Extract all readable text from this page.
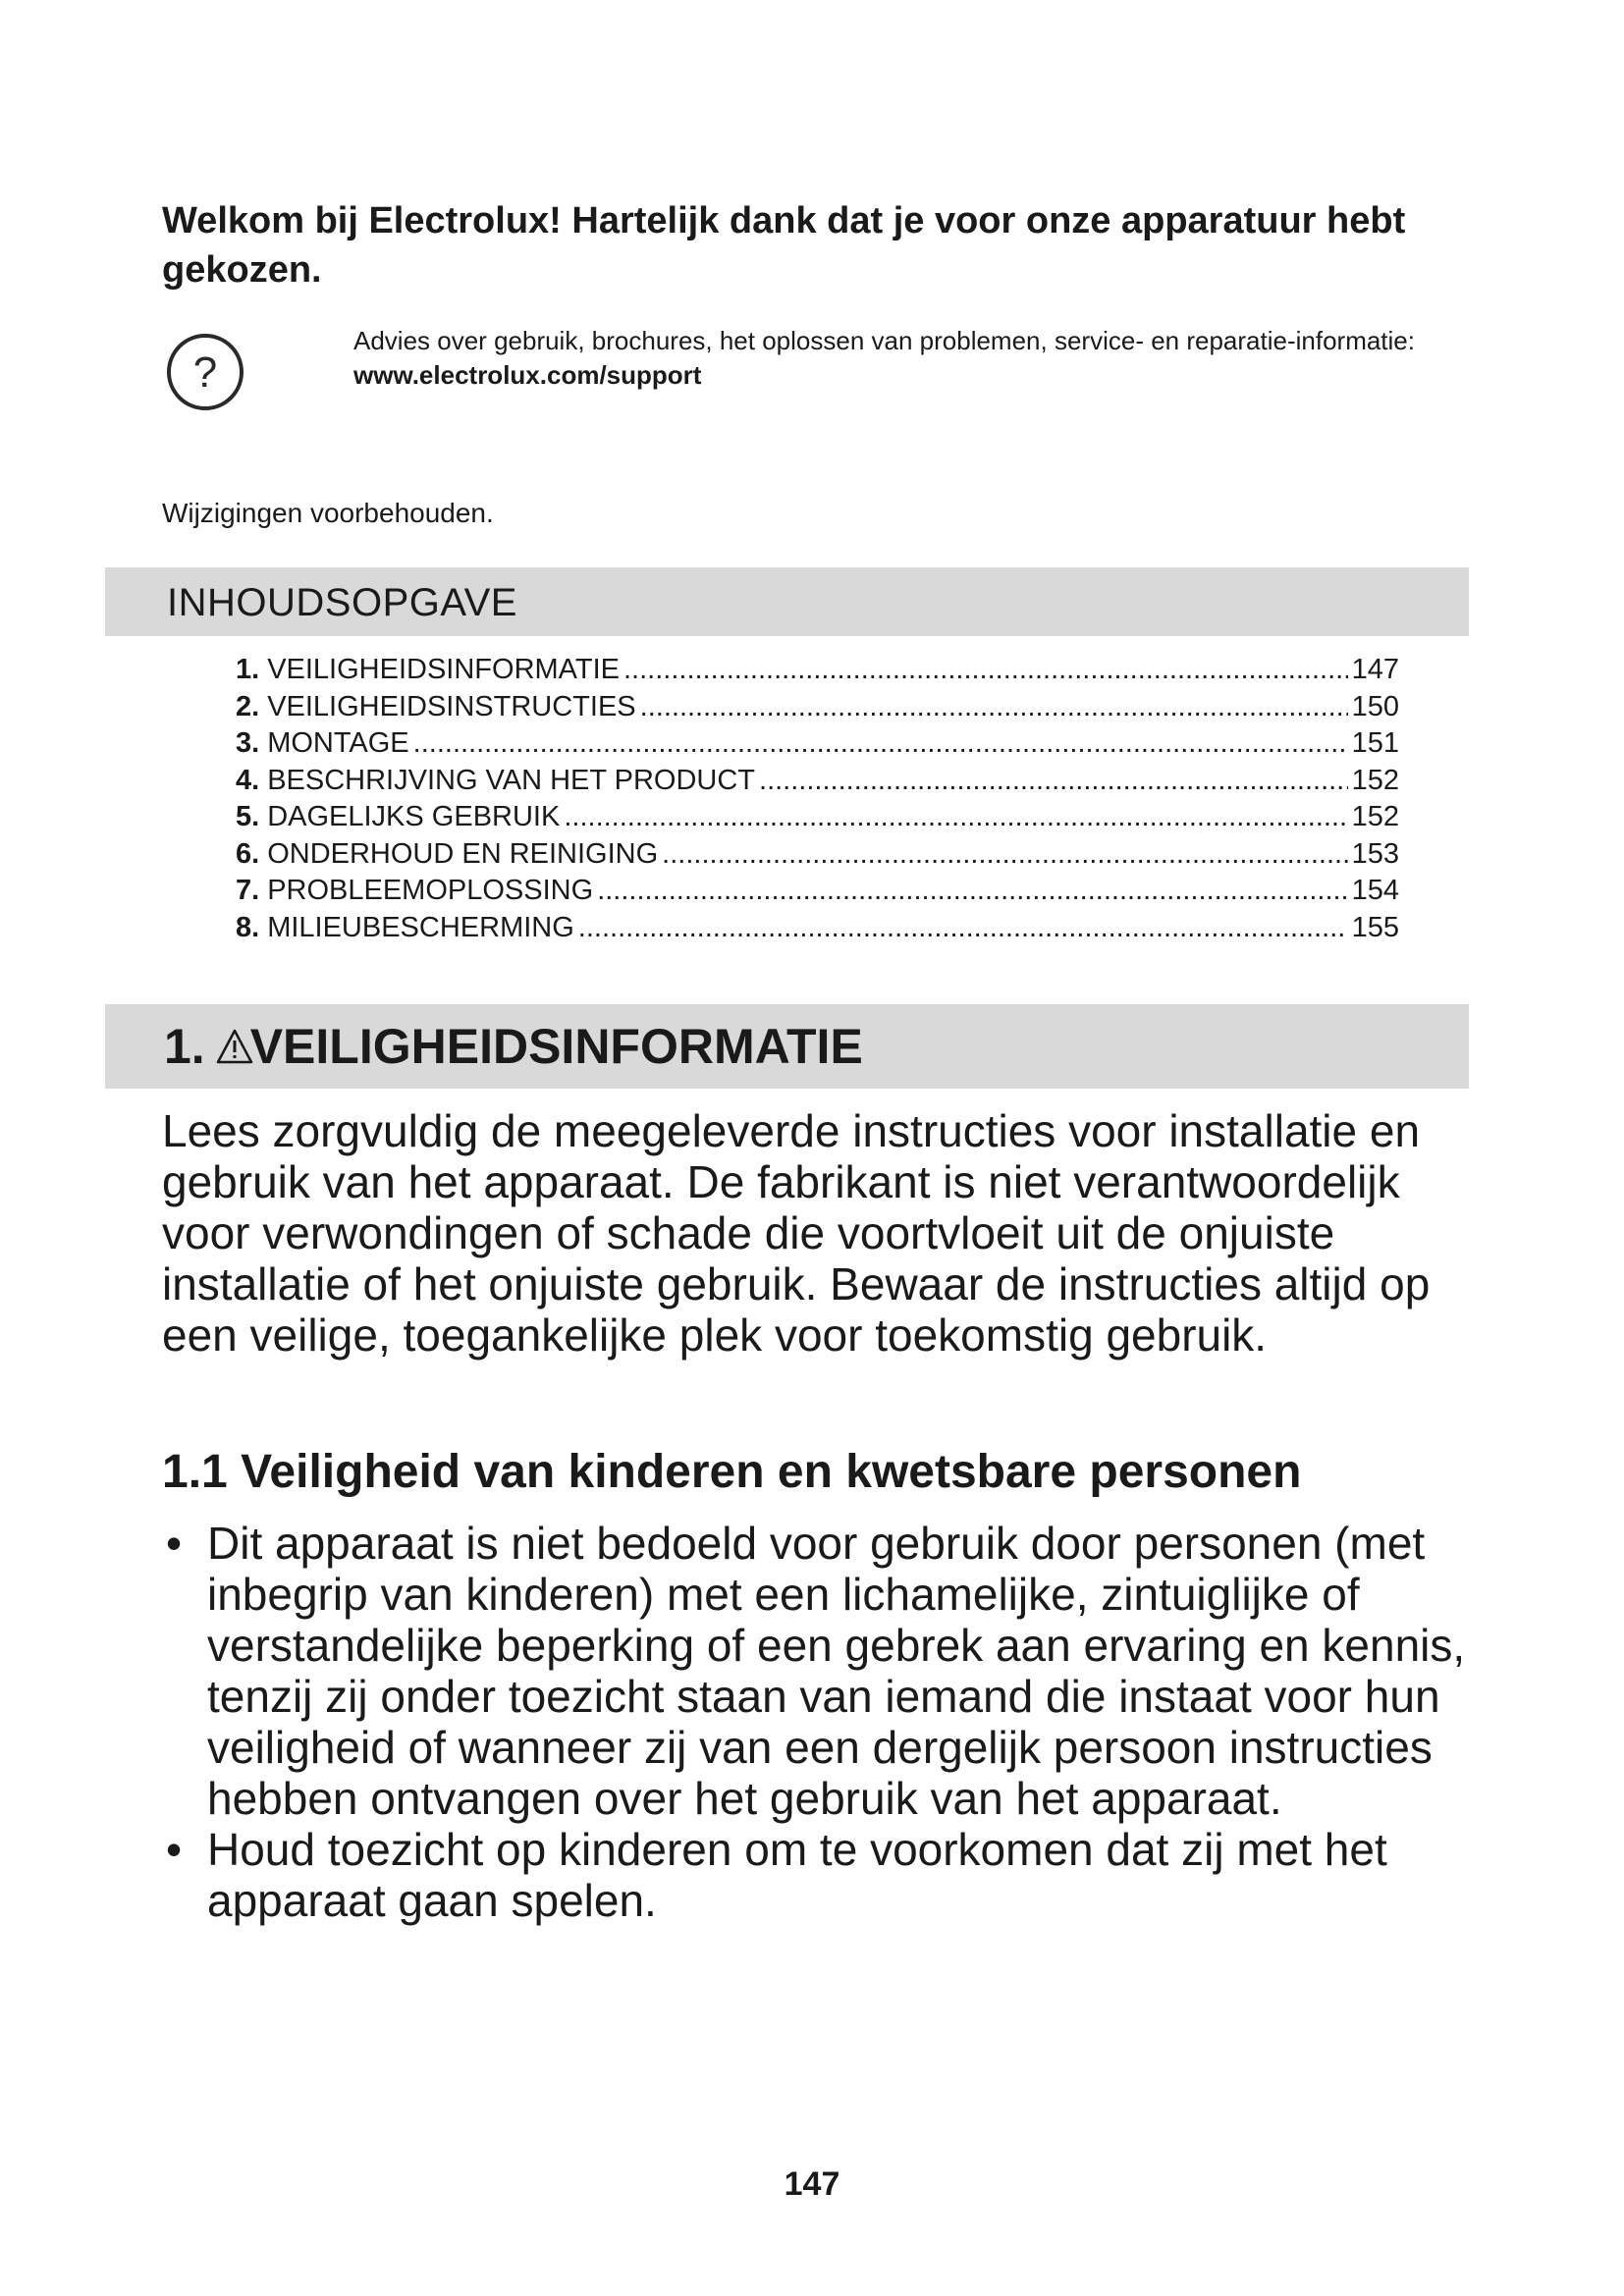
Welkom bij Electrolux! Hartelijk dank dat je voor onze apparatuur hebt gekozen.
?
Advies over gebruik, brochures, het oplossen van problemen, service- en reparatie-informatie:
www.electrolux.com/support
Wijzigingen voorbehouden.
INHOUDSOPGAVE
1. VEILIGHEIDSINFORMATIE .....	147
2. VEILIGHEIDSINSTRUCTIES .....	150
3. MONTAGE .....	151
4. BESCHRIJVING VAN HET PRODUCT .....	152
5. DAGELIJKS GEBRUIK .....	152
6. ONDERHOUD EN REINIGING .....	153
7. PROBLEEMOPLOSSING .....	154
8. MILIEUBESCHERMING .....	155
1. VEILIGHEIDSINFORMATIE

Lees zorgvuldig de meegeleverde instructies voor installatie en gebruik van het apparaat. De fabrikant is niet verantwoordelijk voor verwondingen of schade die voortvloeit uit de onjuiste installatie of het onjuiste gebruik. Bewaar de instructies altijd op een veilige, toegankelijke plek voor toekomstig gebruik.

1.1 Veiligheid van kinderen en kwetsbare personen
• Dit apparaat is niet bedoeld voor gebruik door personen (met inbegrip van kinderen) met een lichamelijke, zintuiglijke of verstandelijke beperking of een gebrek aan ervaring en kennis, tenzij zij onder toezicht staan van iemand die instaat voor hun veiligheid of wanneer zij van een dergelijk persoon instructies hebben ontvangen over het gebruik van het apparaat.
• Houd toezicht op kinderen om te voorkomen dat zij met het apparaat gaan spelen.
147
